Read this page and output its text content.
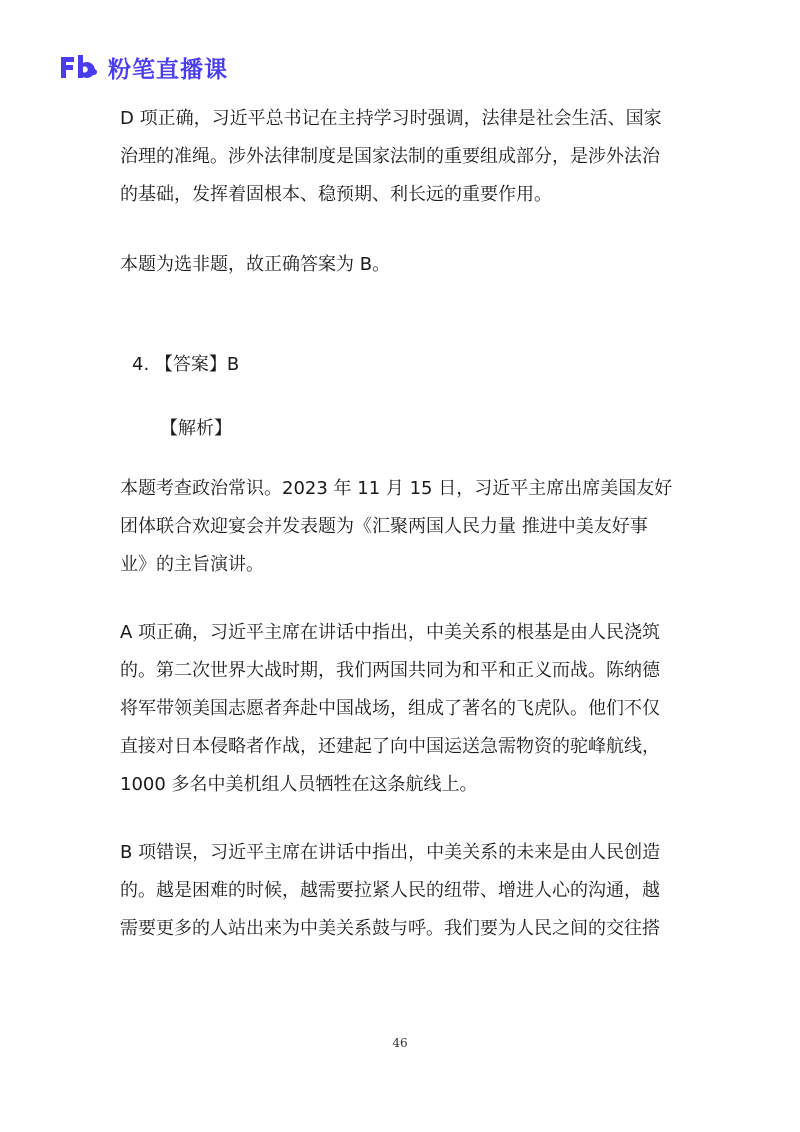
粉笔直播课
D 项正确，习近平总书记在主持学习时强调，法律是社会生活、国家
治理的准绳。涉外法律制度是国家法制的重要组成部分，是涉外法治
的基础，发挥着固根本、稳预期、利长远的重要作用。
本题为选非题，故正确答案为 B。
4. 【答案】B
【解析】
本题考查政治常识。2023 年 11 月 15 日，习近平主席出席美国友好
团体联合欢迎宴会并发表题为《汇聚两国人民力量 推进中美友好事
业》的主旨演讲。
A 项正确，习近平主席在讲话中指出，中美关系的根基是由人民浇筑
的。第二次世界大战时期，我们两国共同为和平和正义而战。陈纳德
将军带领美国志愿者奔赴中国战场，组成了著名的飞虎队。他们不仅
直接对日本侵略者作战，还建起了向中国运送急需物资的驼峰航线，
1000 多名中美机组人员牺牲在这条航线上。
B 项错误，习近平主席在讲话中指出，中美关系的未来是由人民创造
的。越是困难的时候，越需要拉紧人民的纽带、增进人心的沟通，越
需要更多的人站出来为中美关系鼓与呼。我们要为人民之间的交往搭
46
